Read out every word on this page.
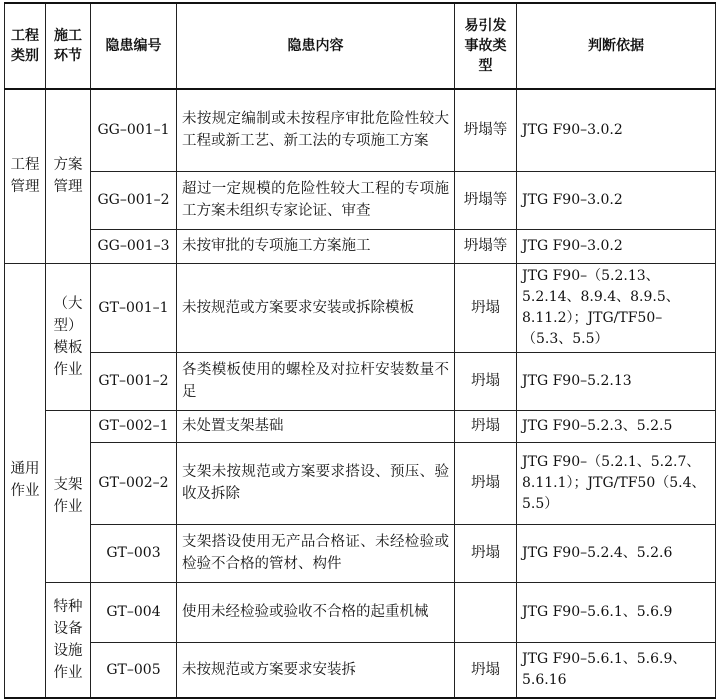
工程类别	施工环节	隐患编号	隐患内容	易引发事故类型	判断依据
工程管理	方案管理	GG–001–1	未按规定编制或未按程序审批危险性较大工程或新工艺、新工法的专项施工方案	坍塌等	JTG F90–3.0.2
		GG–001–2	超过一定规模的危险性较大工程的专项施工方案未组织专家论证、审查	坍塌等	JTG F90–3.0.2
		GG–001–3	未按审批的专项施工方案施工	坍塌等	JTG F90–3.0.2
通用作业	（大型）模板作业	GT–001–1	未按规范或方案要求安装或拆除模板	坍塌	JTG F90–（5.2.13、5.2.14、8.9.4、8.9.5、8.11.2）；JTG/TF50–（5.3、5.5）
		GT–001–2	各类模板使用的螺栓及对拉杆安装数量不足	坍塌	JTG F90–5.2.13
	支架作业	GT–002–1	未处置支架基础	坍塌	JTG F90–5.2.3、5.2.5
		GT–002–2	支架未按规范或方案要求搭设、预压、验收及拆除	坍塌	JTG F90–（5.2.1、5.2.7、8.11.1）；JTG/TF50（5.4、5.5）
		GT–003	支架搭设使用无产品合格证、未经检验或检验不合格的管材、构件	坍塌	JTG F90–5.2.4、5.2.6
	特种设备设施作业	GT–004	使用未经检验或验收不合格的起重机械		JTG F90–5.6.1、5.6.9
		GT–005	未按规范或方案要求安装拆	坍塌	JTG F90–5.6.1、5.6.9、5.6.16
